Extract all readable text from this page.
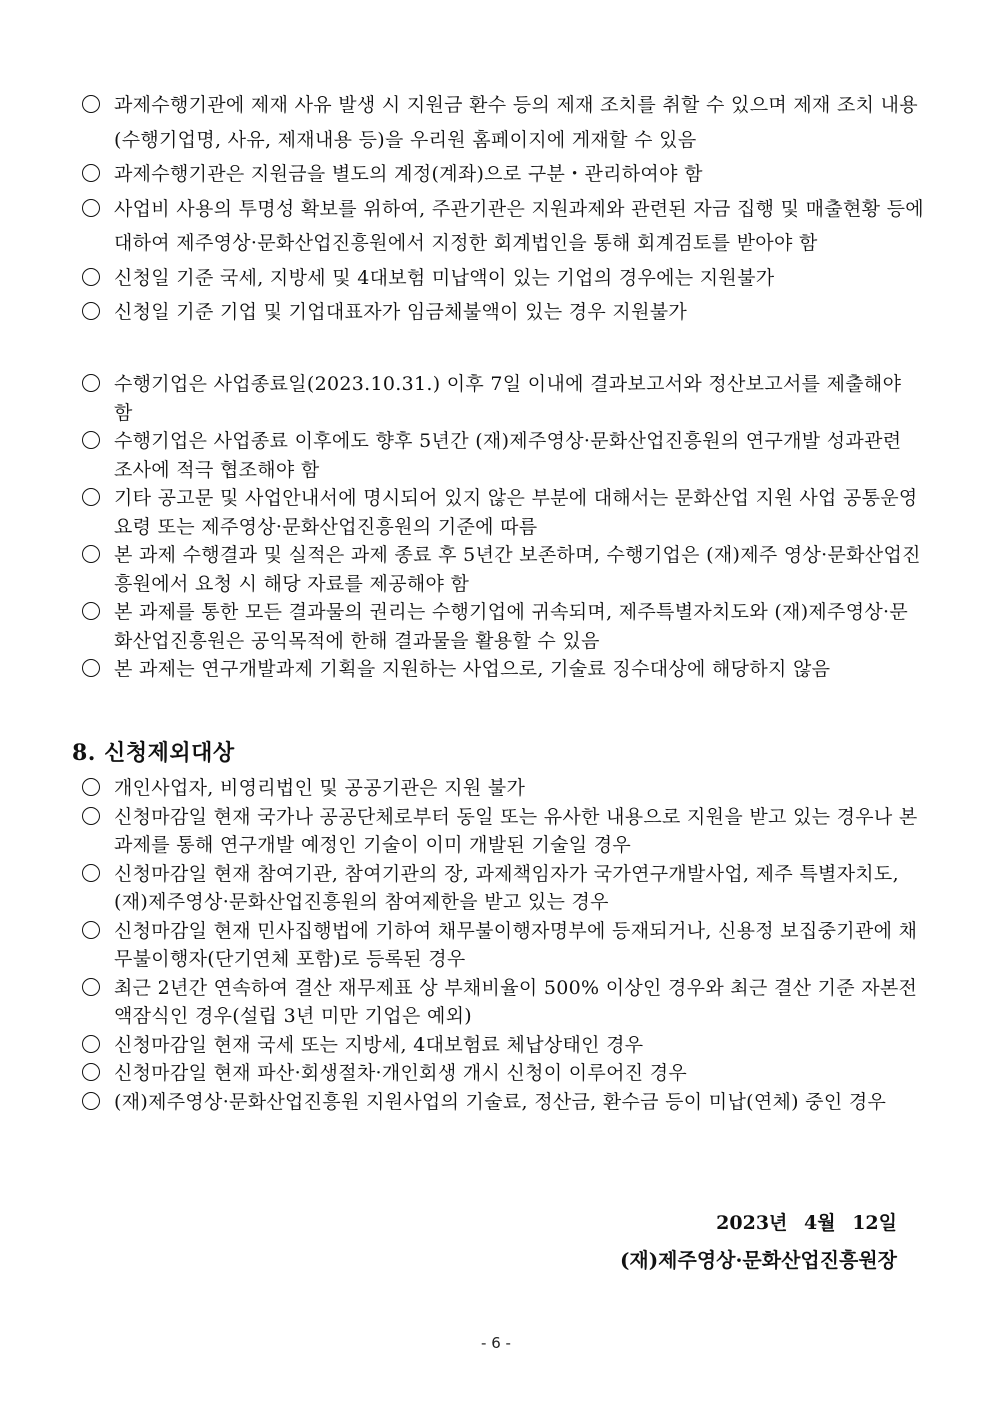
과제수행기관에 제재 사유 발생 시 지원금 환수 등의 제재 조치를 취할 수 있으며 제재 조치 내용(수행기업명, 사유, 제재내용 등)을 우리원 홈페이지에 게재할 수 있음
과제수행기관은 지원금을 별도의 계정(계좌)으로 구분・관리하여야 함
사업비 사용의 투명성 확보를 위하여, 주관기관은 지원과제와 관련된 자금 집행 및 매출현황 등에 대하여 제주영상·문화산업진흥원에서 지정한 회계법인을 통해 회계검토를 받아야 함
신청일 기준 국세, 지방세 및 4대보험 미납액이 있는 기업의 경우에는 지원불가
신청일 기준 기업 및 기업대표자가 임금체불액이 있는 경우 지원불가
수행기업은 사업종료일(2023.10.31.) 이후 7일 이내에 결과보고서와 정산보고서를 제출해야 함
수행기업은 사업종료 이후에도 향후 5년간 (재)제주영상·문화산업진흥원의 연구개발 성과관련 조사에 적극 협조해야 함
기타 공고문 및 사업안내서에 명시되어 있지 않은 부분에 대해서는 문화산업 지원 사업 공통운영요령 또는 제주영상·문화산업진흥원의 기준에 따름
본 과제 수행결과 및 실적은 과제 종료 후 5년간 보존하며, 수행기업은 (재)제주 영상·문화산업진흥원에서 요청 시 해당 자료를 제공해야 함
본 과제를 통한 모든 결과물의 권리는 수행기업에 귀속되며, 제주특별자치도와 (재)제주영상·문화산업진흥원은 공익목적에 한해 결과물을 활용할 수 있음
본 과제는 연구개발과제 기획을 지원하는 사업으로, 기술료 징수대상에 해당하지 않음
8. 신청제외대상
개인사업자, 비영리법인 및 공공기관은 지원 불가
신청마감일 현재 국가나 공공단체로부터 동일 또는 유사한 내용으로 지원을 받고 있는 경우나 본 과제를 통해 연구개발 예정인 기술이 이미 개발된 기술일 경우
신청마감일 현재 참여기관, 참여기관의 장, 과제책임자가 국가연구개발사업, 제주 특별자치도, (재)제주영상·문화산업진흥원의 참여제한을 받고 있는 경우
신청마감일 현재 민사집행법에 기하여 채무불이행자명부에 등재되거나, 신용정 보집중기관에 채무불이행자(단기연체 포함)로 등록된 경우
최근 2년간 연속하여 결산 재무제표 상 부채비율이 500% 이상인 경우와 최근 결산 기준 자본전액잠식인 경우(설립 3년 미만 기업은 예외)
신청마감일 현재 국세 또는 지방세, 4대보험료 체납상태인 경우
신청마감일 현재 파산·회생절차·개인회생 개시 신청이 이루어진 경우
(재)제주영상·문화산업진흥원 지원사업의 기술료, 정산금, 환수금 등이 미납(연체) 중인 경우
2023년 4월 12일
(재)제주영상·문화산업진흥원장
- 6 -
